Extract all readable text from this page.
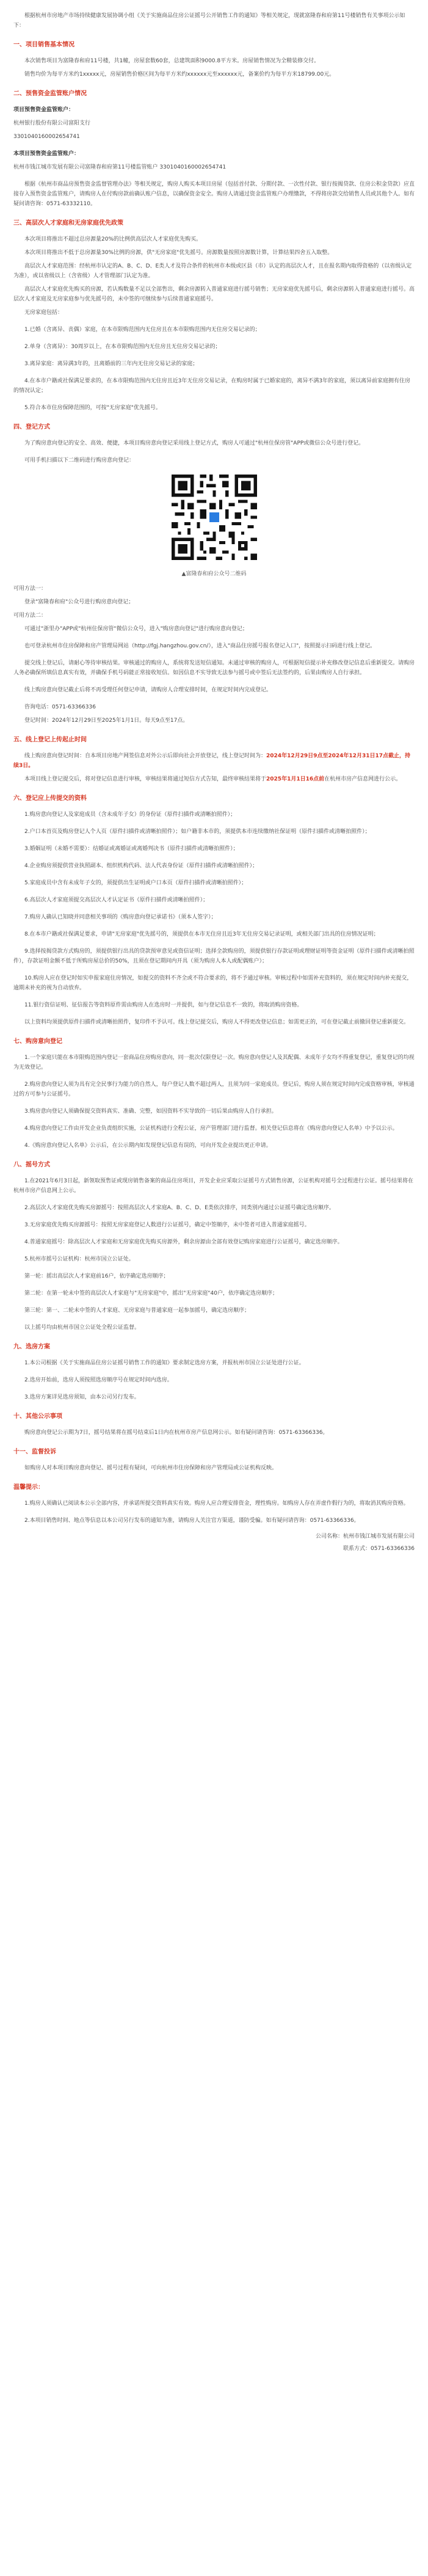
根据杭州市房地产市场持续健康发展协调小组《关于实施商品住房公证摇号公开销售工作的通知》等相关规定，现就富隆春和府第11号楼销售有关事项公示如下：

一、项目销售基本情况

本次销售项目为富隆春和府11号楼，共1幢，房屋套数60套，总建筑面积9000.8平方米。房屋销售情况为全精装修交付。

销售均价为每平方米约1xxxxx元，房屋销售价格区间为每平方米约xxxxxx元至xxxxxx元，备案价约为每平方米18799.00元。

二、预售资金监管账户情况

项目预售资金监管账户：

杭州银行股份有限公司富阳支行

3301040160002654741

本项目预售资金监管账户：

杭州市钱江城市发展有限公司富隆春和府第11号楼监管账户 3301040160002654741

根据《杭州市商品房预售资金监督管理办法》等相关规定，购房人购买本项目房屋（包括首付款、分期付款、一次性付款、银行按揭贷款、住房公积金贷款）应直接存入预售资金监管账户，请购房人在付购房款前确认账户信息，以确保资金安全。购房人请通过资金监管账户办理缴款，不得将房款交给销售人员或其他个人。如有疑问请咨询：0571-63332110。

三、高层次人才家庭和无房家庭优先政策

本次项目将推出不超过总房源量20%的比例供高层次人才家庭优先购买。

本次项目将推出不低于总房源量30%比例的房源，供"无房家庭"优先摇号。房源数量按照房源数计算，计算结果四舍五入取整。

高层次人才家庭范围：经杭州市认定的A、B、C、D、E类人才及符合条件的杭州市本级或区县（市）认定的高层次人才，且在报名期内取得资格的（以省级认定为准），或以省级以上（含省级）人才管理部门认定为准。

高层次人才家庭优先购买的房源，若认购数量不足以全部售出，剩余房源转入普通家庭进行摇号销售；无房家庭优先摇号后，剩余房源转入普通家庭进行摇号。高层次人才家庭及无房家庭参与优先摇号的，未中签的可继续参与后续普通家庭摇号。

无房家庭包括：

1.已婚（含离异、丧偶）家庭，在本市限购范围内无住房且在本市限购范围内无住房交易记录的；

2.单身（含离异）：30周岁以上，在本市限购范围内无住房且无住房交易记录的；

3.离异家庭：离异满3年的，且离婚前的三年内无住房交易记录的家庭；

4.在本市户籍或社保满足要求的，在本市限购范围内无住房且近3年无住房交易记录，在购房时属于已婚家庭的，离异不满3年的家庭，须以离异前家庭拥有住房的情况认定；

5.符合本市住房保障范围的，可按"无房家庭"优先摇号。

四、登记方式

为了购房意向登记的安全、高效、便捷，本项目购房意向登记采用线上登记方式，购房人可通过"杭州住保房管"APP或微信公众号进行登记。

可用手机扫描以下二维码进行购房意向登记：

▲富隆春和府公众号二维码

可用方法一：

登录"富隆春和府"公众号进行购房意向登记；

可用方法二：

可通过"浙里办"APP或"杭州住保房管"微信公众号，进入"购房意向登记"进行购房意向登记；

也可登录杭州市住房保障和房产管理局网站（http://fgj.hangzhou.gov.cn/），进入"商品住房摇号报名登记入口"，按照提示扫码进行线上登记。

提交线上登记后，请耐心等待审核结果。审核通过的购房人，系统将发送短信通知。未通过审核的购房人，可根据短信提示补充修改登记信息后重新提交。请购房人务必确保所填信息真实有效，并确保手机号码能正常接收短信。如因信息不实导致无法参与摇号或中签后无法签约的，后果由购房人自行承担。

线上购房意向登记截止后将不再受理任何登记申请，请购房人合理安排时间，在规定时间内完成登记。

咨询电话：0571-63366336

登记时间：2024年12月29日至2025年1月1日。每天9点至17点。

五、线上登记上传起止时间

线上购房意向登记时间：自本项目房地产网签信息对外公示后即向社会开放登记，线上登记时间为：2024年12月29日9点至2024年12月31日17点截止，持续3日。

本项目线上登记提交后，将对登记信息进行审核，审核结果将通过短信方式告知，最终审核结果将于2025年1月1日16点前在杭州市房产信息网进行公示。

六、登记应上传提交的资料

1.购房意向登记人及家庭成员（含未成年子女）的身份证（原件扫描件或清晰拍照件）；

2.户口本首页及购房登记人个人页（原件扫描件或清晰拍照件）；如户籍非本市的，须提供本市连续缴纳社保证明（原件扫描件或清晰拍照件）；

3.婚姻证明（未婚不需要）：结婚证或离婚证或离婚判决书（原件扫描件或清晰拍照件）；

4.企业购房须提供营业执照副本、组织机构代码、法人代表身份证（原件扫描件或清晰拍照件）；

5.家庭成员中含有未成年子女的，须提供出生证明或户口本页（原件扫描件或清晰拍照件）；

6.高层次人才家庭须提交高层次人才认定证书（原件扫描件或清晰拍照件）；

7.购房人确认已知晓并同意相关事项的《购房意向登记承诺书》（须本人签字）；

8.在本市户籍或社保满足要求，申请"无房家庭"优先摇号的，须提供在本市无住房且近3年无住房交易记录证明，或相关部门出具的住房情况证明；

9.选择按揭贷款方式购房的，须提供银行出具的贷款预审意见或资信证明；选择全款购房的，须提供银行存款证明或理财证明等资金证明（原件扫描件或清晰拍照件），存款证明金额不低于所购房屋总价的50%，且须在登记期间内开具（须为购房人本人或配偶账户）；

10.购房人应在登记时如实申报家庭住房情况，如提交的资料不齐全或不符合要求的，将不予通过审核。审核过程中如需补充资料的，须在规定时间内补充提交，逾期未补充的视为自动放弃。

11.银行资信证明、征信报告等资料原件需由购房人在选房时一并提供，如与登记信息不一致的，将取消购房资格。

以上资料均须提供原件扫描件或清晰拍照件，复印件不予认可。线上登记提交后，购房人不得更改登记信息；如需更正的，可在登记截止前撤回登记重新提交。

七、购房意向登记

1.一个家庭只能在本市限购范围内登记一套商品住房购房意向，同一批次仅限登记一次。购房意向登记人及其配偶、未成年子女均不得重复登记，重复登记的均视为无效登记。

2.购房意向登记人须为具有完全民事行为能力的自然人，每户登记人数不超过两人，且须为同一家庭成员。登记后，购房人须在规定时间内完成资格审核，审核通过的方可参与公证摇号。

3.购房意向登记人须确保提交资料真实、准确、完整，如因资料不实导致的一切后果由购房人自行承担。

4.购房意向登记工作由开发企业负责组织实施，公证机构进行全程公证，房产管理部门进行监督。相关登记信息将在《购房意向登记人名单》中予以公示。

4.《购房意向登记人名单》公示后，在公示期内如发现登记信息有误的，可向开发企业提出更正申请。

八、摇号方式

1.在2021年6月3日起，新领取预售证或现房销售备案的商品住房项目，开发企业应采取公证摇号方式销售房源，公证机构对摇号全过程进行公证。摇号结果将在杭州市房产信息网上公示。

2.高层次人才家庭优先购买房源摇号：按照高层次人才家庭A、B、C、D、E类依次排序，同类别内通过公证摇号确定选房顺序。

3.无房家庭优先购买房源摇号：按照无房家庭登记人数进行公证摇号，确定中签顺序，未中签者可进入普通家庭摇号。

4.普通家庭摇号：除高层次人才家庭和无房家庭优先购买房源外，剩余房源由全部有效登记购房家庭进行公证摇号，确定选房顺序。

5.杭州市摇号公证机构：杭州市国立公证处。

第一轮：摇出高层次人才家庭前16户，依序确定选房顺序；

第二轮：在第一轮未中签的高层次人才家庭与"无房家庭"中，摇出"无房家庭"40户，依序确定选房顺序；

第三轮：第一、二轮未中签的人才家庭、无房家庭与普通家庭一起参加摇号，确定选房顺序；

以上摇号均由杭州市国立公证处全程公证监督。

九、选房方案

1.本公司根据《关于实施商品住房公证摇号销售工作的通知》要求制定选房方案，并报杭州市国立公证处进行公证。

2.选房开始前，选房人须按照选房顺序号在规定时间内选房。

3.选房方案详见选房须知，由本公司另行发布。

十、其他公示事项

购房意向登记公示期为7日，摇号结果将在摇号结束后1日内在杭州市房产信息网公示。如有疑问请咨询：0571-63366336。

十一、监督投诉

如购房人对本项目购房意向登记、摇号过程有疑问，可向杭州市住房保障和房产管理局或公证机构反映。

温馨提示：

1.购房人须确认已阅读本公示全部内容，并承诺所提交资料真实有效。购房人应合理安排资金，理性购房。如购房人存在弄虚作假行为的，将取消其购房资格。

2.本项目销售时间、地点等信息以本公司另行发布的通知为准，请购房人关注官方渠道，谨防受骗。如有疑问请咨询：0571-63366336。

公司名称：杭州市钱江城市发展有限公司

联系方式：0571-63366336
